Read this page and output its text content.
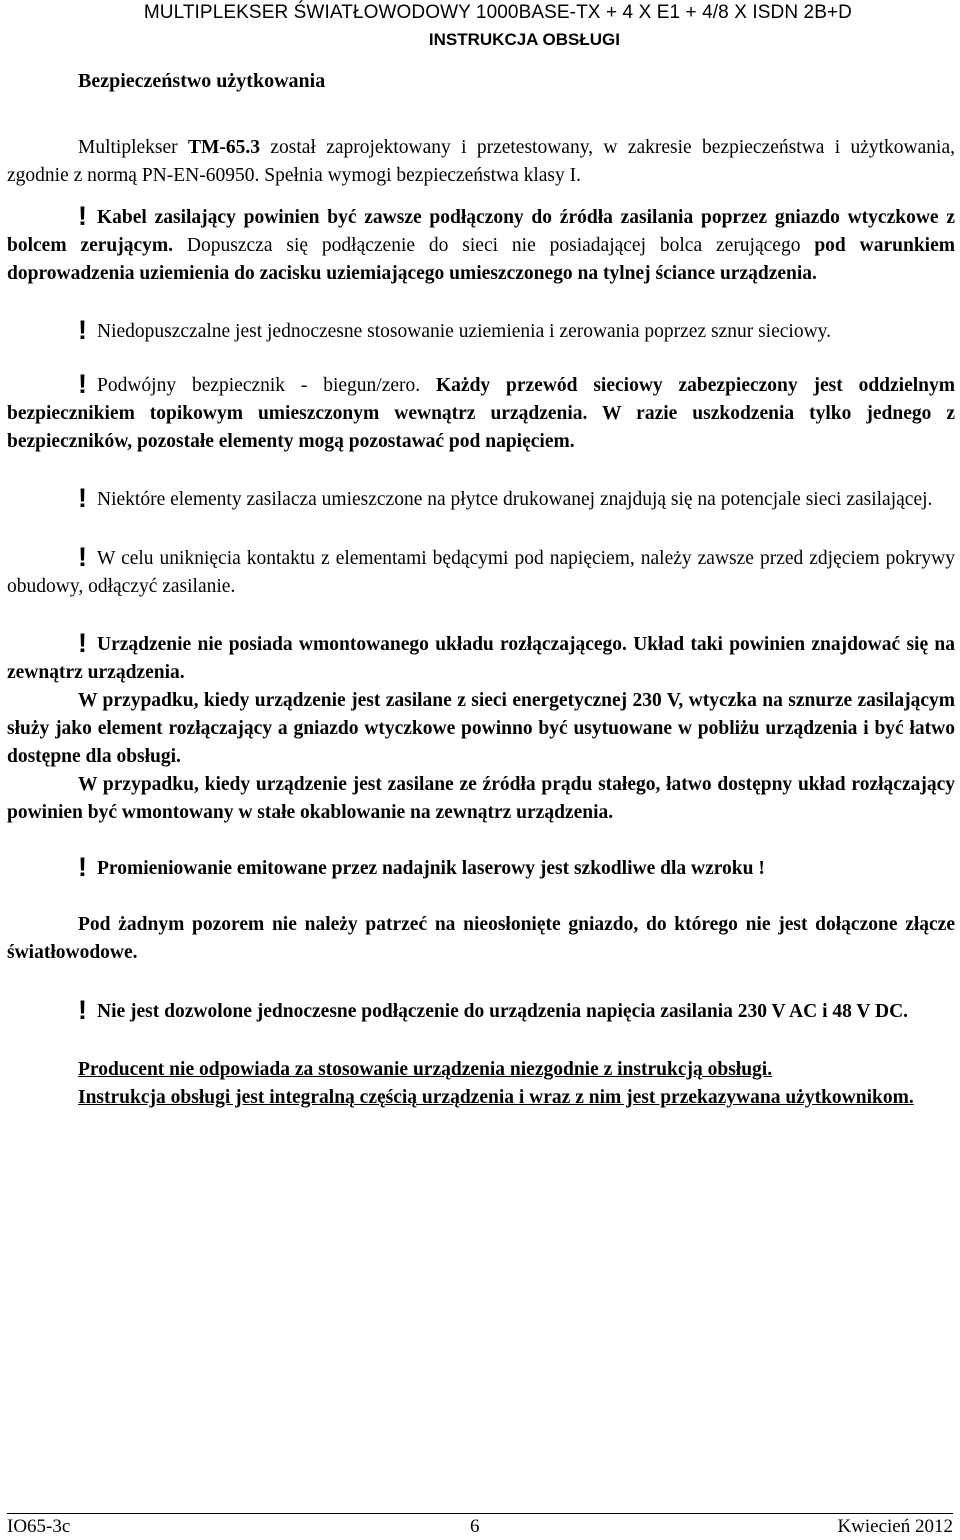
MULTIPLEKSER ŚWIATŁOWODOWY 1000BASE-TX + 4 X E1 + 4/8 X ISDN 2B+D
INSTRUKCJA OBSŁUGI
Bezpieczeństwo użytkowania

Multiplekser TM-65.3 został zaprojektowany i przetestowany, w zakresie bezpieczeństwa i użytkowania, zgodnie z normą PN-EN-60950. Spełnia wymogi bezpieczeństwa klasy I.

! Kabel zasilający powinien być zawsze podłączony do źródła zasilania poprzez gniazdo wtyczkowe z bolcem zerującym. Dopuszcza się podłączenie do sieci nie posiadającej bolca zerującego pod warunkiem doprowadzenia uziemienia do zacisku uziemiającego umieszczonego na tylnej ściance urządzenia.

! Niedopuszczalne jest jednoczesne stosowanie uziemienia i zerowania poprzez sznur sieciowy.

! Podwójny bezpiecznik - biegun/zero. Każdy przewód sieciowy zabezpieczony jest oddzielnym bezpiecznikiem topikowym umieszczonym wewnątrz urządzenia. W razie uszkodzenia tylko jednego z bezpieczników, pozostałe elementy mogą pozostawać pod napięciem.

! Niektóre elementy zasilacza umieszczone na płytce drukowanej znajdują się na potencjale sieci zasilającej.

! W celu uniknięcia kontaktu z elementami będącymi pod napięciem, należy zawsze przed zdjęciem pokrywy obudowy, odłączyć zasilanie.

! Urządzenie nie posiada wmontowanego układu rozłączającego. Układ taki powinien znajdować się na zewnątrz urządzenia.

W przypadku, kiedy urządzenie jest zasilane z sieci energetycznej 230 V, wtyczka na sznurze zasilającym służy jako element rozłączający a gniazdo wtyczkowe powinno być usytuowane w pobliżu urządzenia i być łatwo dostępne dla obsługi.

W przypadku, kiedy urządzenie jest zasilane ze źródła prądu stałego, łatwo dostępny układ rozłączający powinien być wmontowany w stałe okablowanie na zewnątrz urządzenia.

! Promieniowanie emitowane przez nadajnik laserowy jest szkodliwe dla wzroku !

Pod żadnym pozorem nie należy patrzeć na nieosłonięte gniazdo, do którego nie jest dołączone złącze światłowodowe.

! Nie jest dozwolone jednoczesne podłączenie do urządzenia napięcia zasilania 230 V AC i 48 V DC.

Producent nie odpowiada za stosowanie urządzenia niezgodnie z instrukcją obsługi.

Instrukcja obsługi jest integralną częścią urządzenia i wraz z nim jest przekazywana użytkownikom.

IO65-3c	6	Kwiecień 2012
